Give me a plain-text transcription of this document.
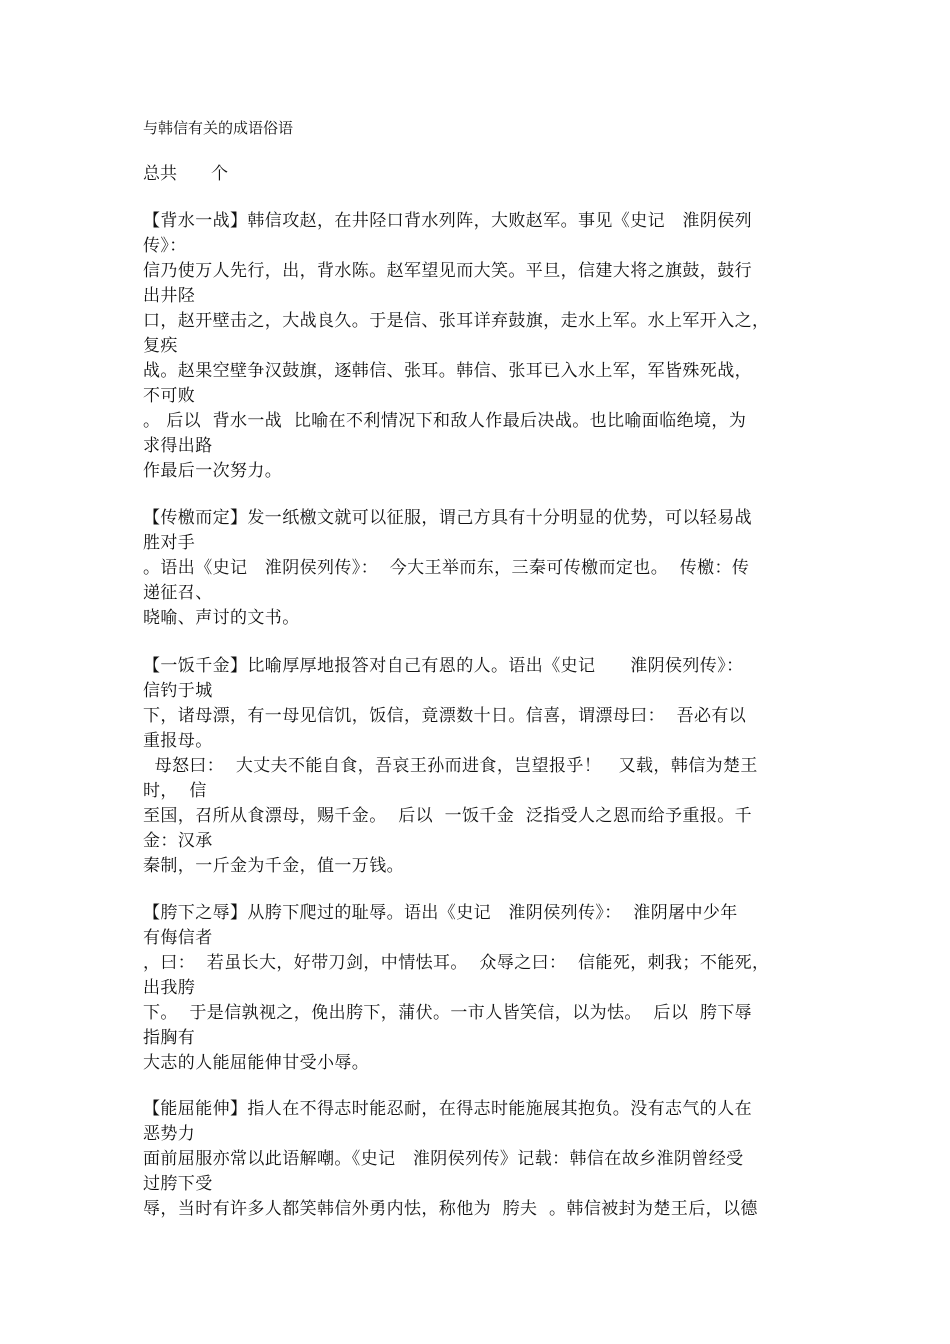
与韩信有关的成语俗语
总共　　个
【背水一战】韩信攻赵，在井陉口背水列阵，大败赵军。事见《史记　淮阴侯列
传》：
信乃使万人先行，出，背水陈。赵军望见而大笑。平旦，信建大将之旗鼓，鼓行
出井陉
口，赵开壁击之，大战良久。于是信、张耳详弃鼓旗，走水上军。水上军开入之，
复疾
战。赵果空壁争汉鼓旗，逐韩信、张耳。韩信、张耳已入水上军，军皆殊死战，
不可败
。 后以  背水一战  比喻在不利情况下和敌人作最后决战。也比喻面临绝境，为
求得出路
作最后一次努力。
【传檄而定】发一纸檄文就可以征服，谓己方具有十分明显的优势，可以轻易战
胜对手
。语出《史记　淮阴侯列传》：  今大王举而东，三秦可传檄而定也。  传檄：传
递征召、
晓喻、声讨的文书。
【一饭千金】比喻厚厚地报答对自己有恩的人。语出《史记　　淮阴侯列传》：
信钓于城
下，诸母漂，有一母见信饥，饭信，竟漂数十日。信喜，谓漂母曰：  吾必有以
重报母。
母怒曰：  大丈夫不能自食，吾哀王孙而进食，岂望报乎！   又载，韩信为楚王
时，  信
至国，召所从食漂母，赐千金。  后以  一饭千金  泛指受人之恩而给予重报。千
金：汉承
秦制，一斤金为千金，值一万钱。
【胯下之辱】从胯下爬过的耻辱。语出《史记　淮阴侯列传》：  淮阴屠中少年
有侮信者
，曰：  若虽长大，好带刀剑，中情怯耳。  众辱之曰：  信能死，刺我；不能死，
出我胯
下。  于是信孰视之，俛出胯下，蒲伏。一市人皆笑信，以为怯。  后以  胯下辱
指胸有
大志的人能屈能伸甘受小辱。
【能屈能伸】指人在不得志时能忍耐，在得志时能施展其抱负。没有志气的人在
恶势力
面前屈服亦常以此语解嘲。《史记　淮阴侯列传》记载：韩信在故乡淮阴曾经受
过胯下受
辱，当时有许多人都笑韩信外勇内怯，称他为  胯夫  。韩信被封为楚王后，以德
